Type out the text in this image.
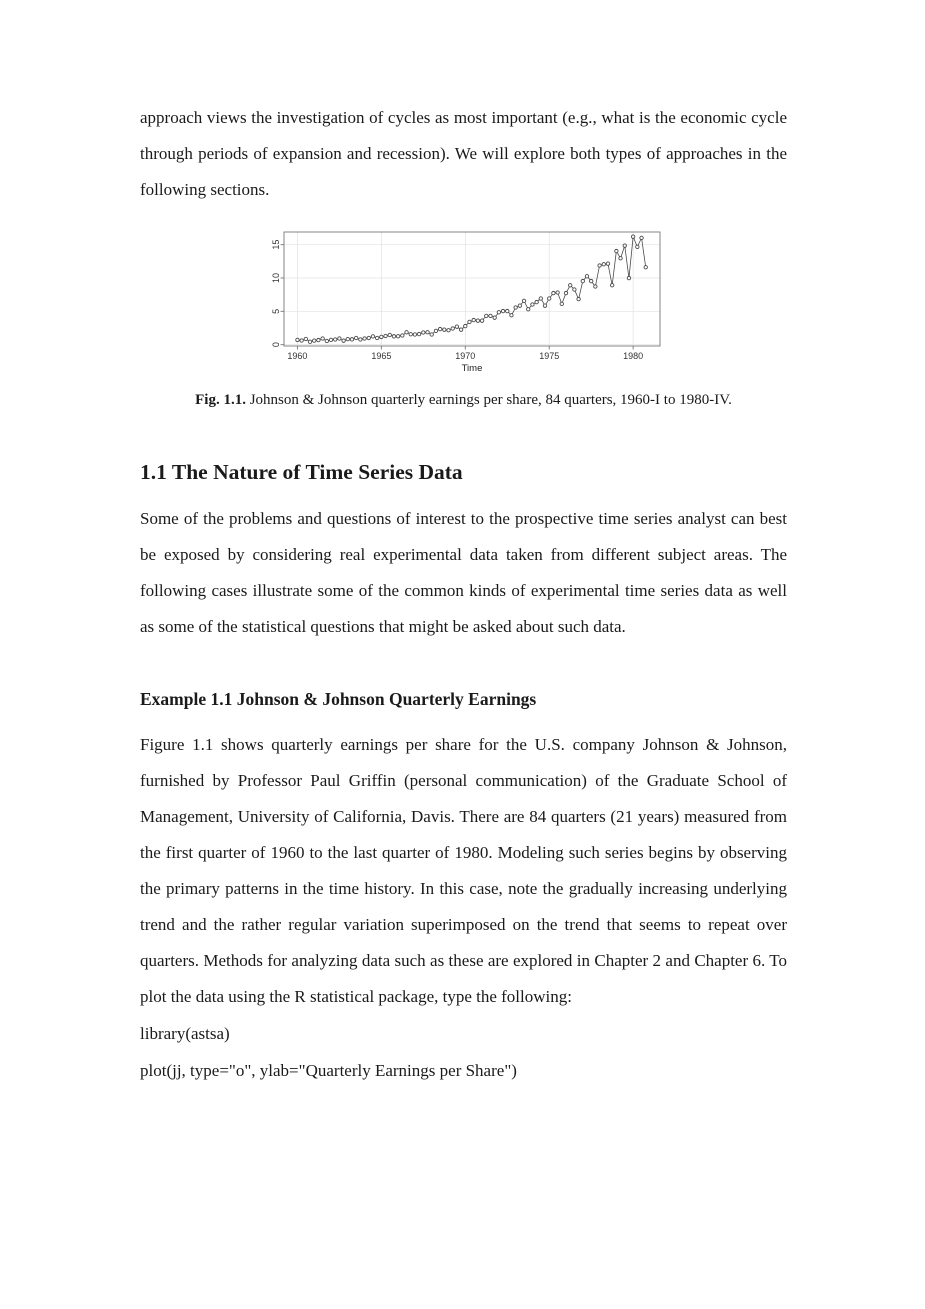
approach views the investigation of cycles as most important (e.g., what is the economic cycle through periods of expansion and recession). We will explore both types of approaches in the following sections.

1960	1965	1970	1975	1980
0
5
10
15
Time
Fig. 1.1. Johnson & Johnson quarterly earnings per share, 84 quarters, 1960-I to 1980-IV.
1.1 The Nature of Time Series Data

Some of the problems and questions of interest to the prospective time series analyst can best be exposed by considering real experimental data taken from different subject areas. The following cases illustrate some of the common kinds of experimental time series data as well as some of the statistical questions that might be asked about such data.

Example 1.1 Johnson & Johnson Quarterly Earnings

Figure 1.1 shows quarterly earnings per share for the U.S. company Johnson & Johnson, furnished by Professor Paul Griffin (personal communication) of the Graduate School of Management, University of California, Davis. There are 84 quarters (21 years) measured from the first quarter of 1960 to the last quarter of 1980. Modeling such series begins by observing the primary patterns in the time history. In this case, note the gradually increasing underlying trend and the rather regular variation superimposed on the trend that seems to repeat over quarters. Methods for analyzing data such as these are explored in Chapter 2 and Chapter 6. To plot the data using the R statistical package, type the following:

library(astsa)

plot(jj, type="o", ylab="Quarterly Earnings per Share")
